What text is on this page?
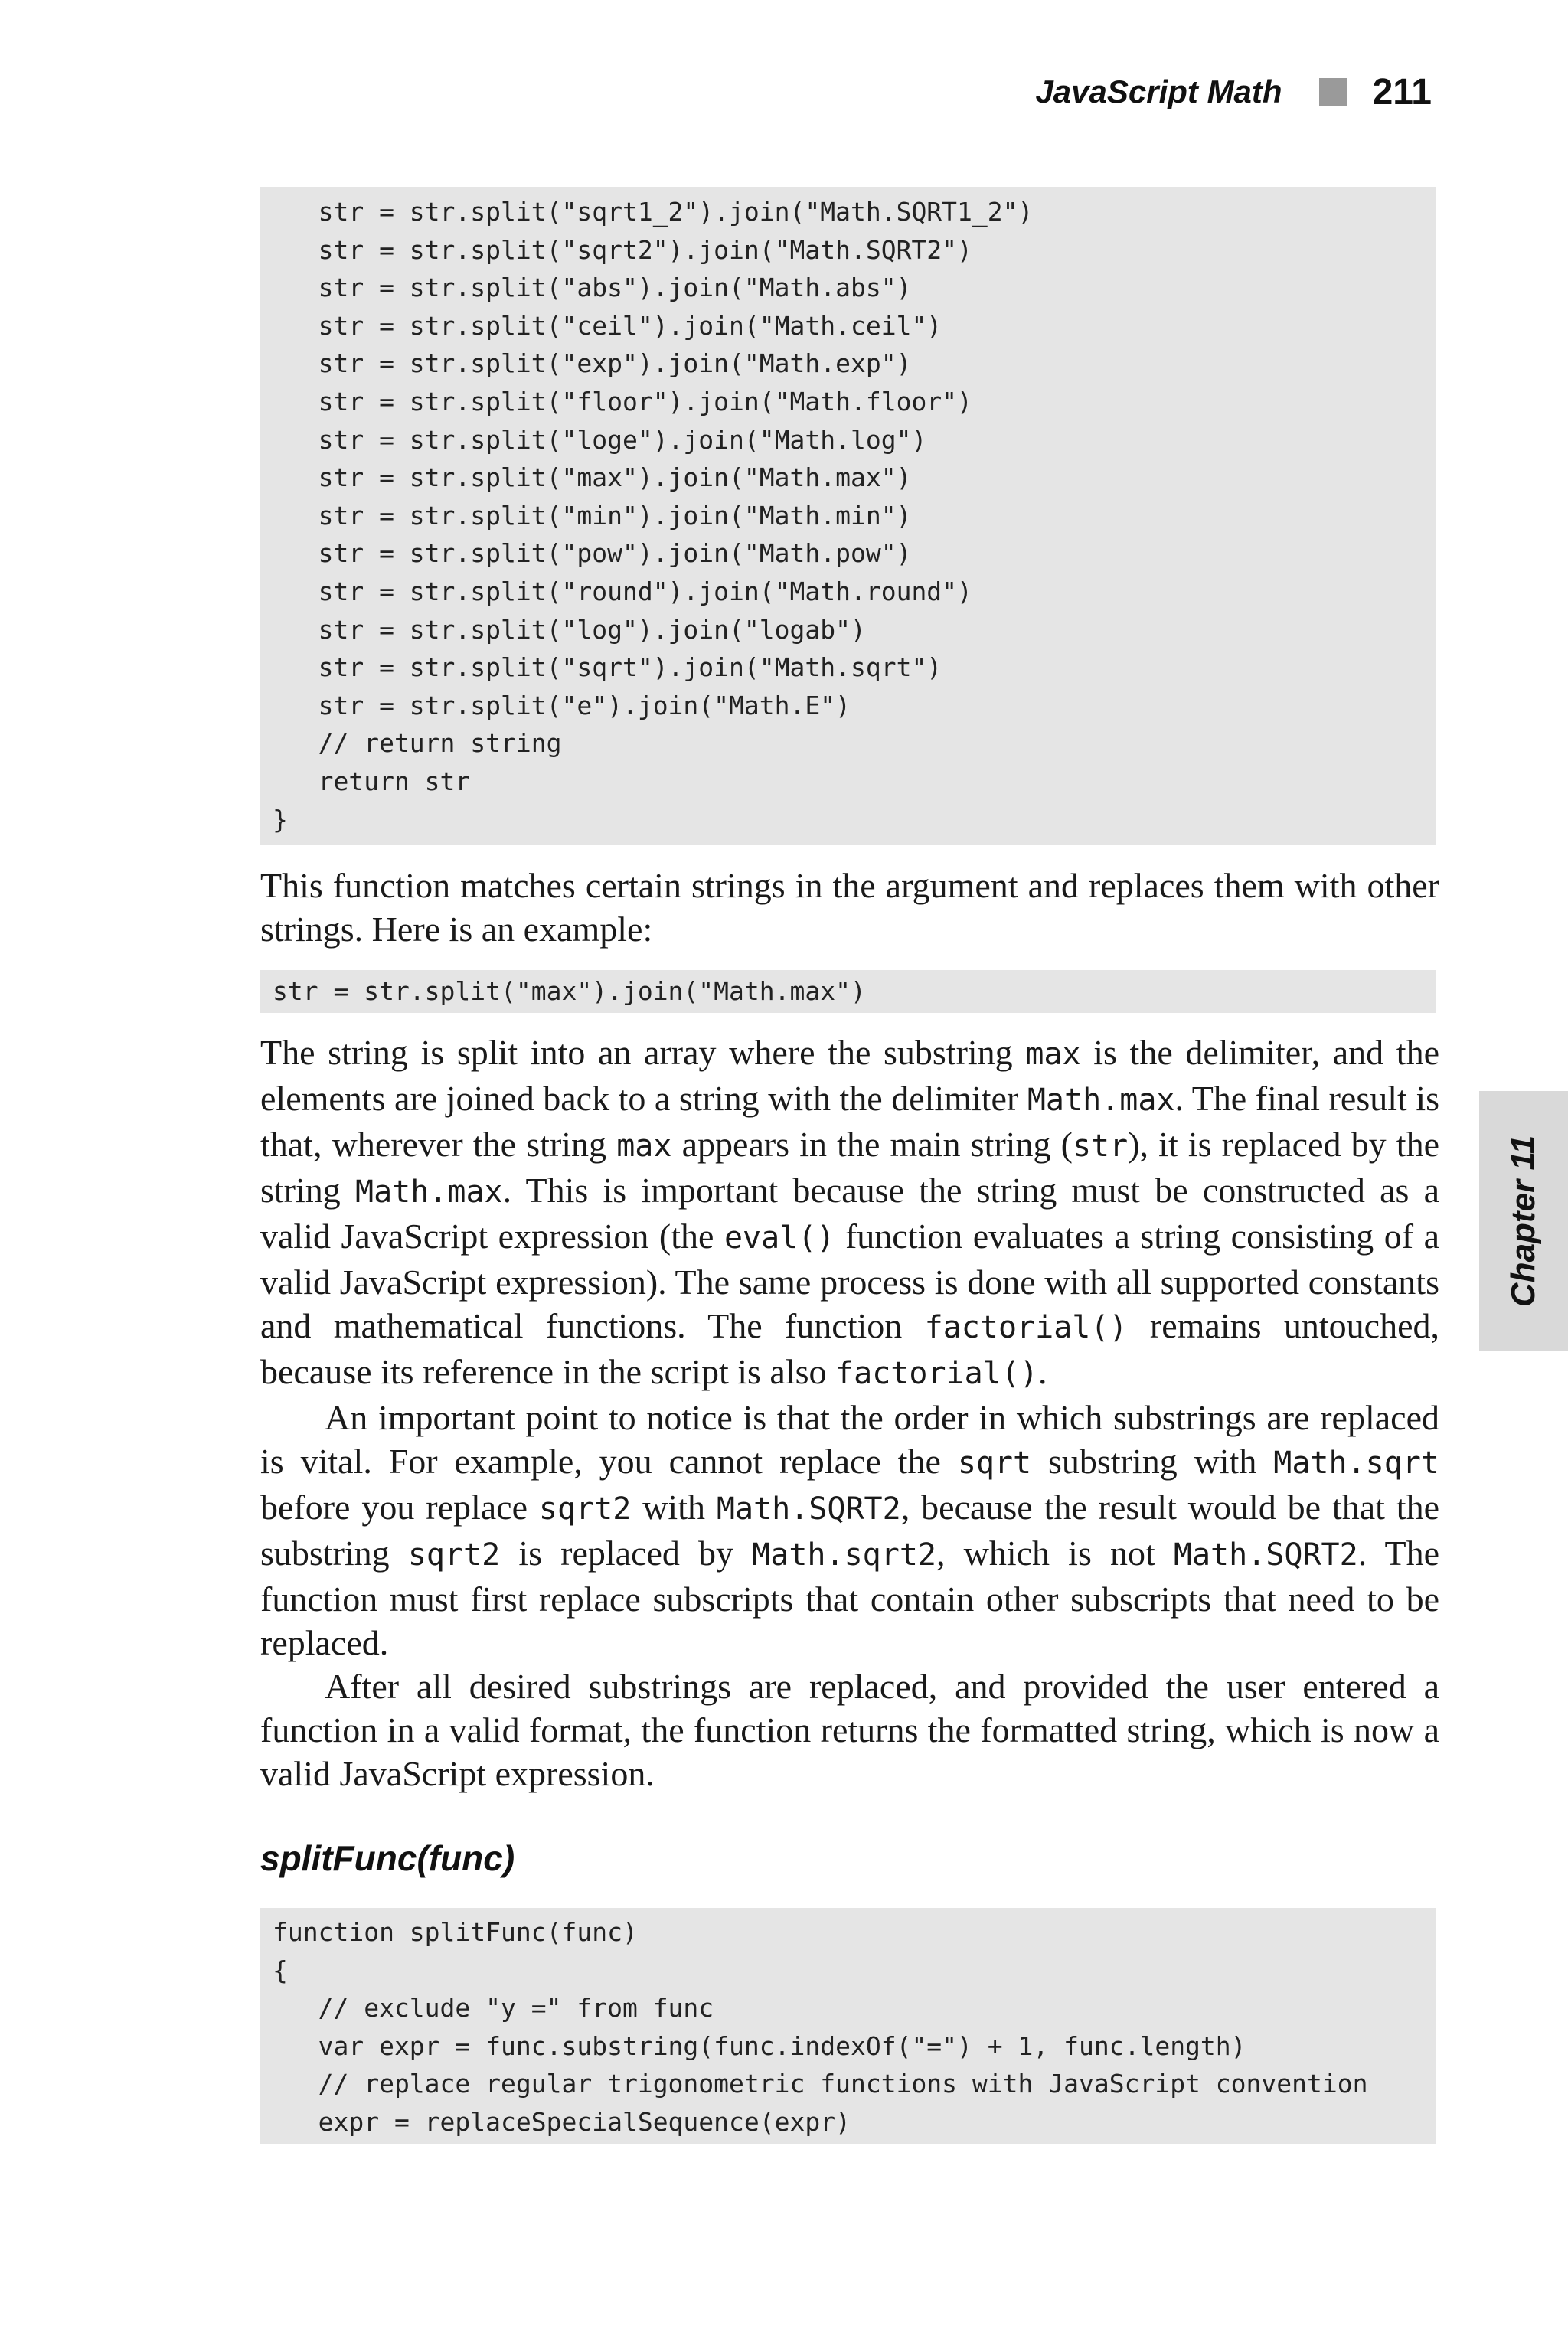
JavaScript Math 211
str = str.split("sqrt1_2").join("Math.SQRT1_2")
str = str.split("sqrt2").join("Math.SQRT2")
str = str.split("abs").join("Math.abs")
str = str.split("ceil").join("Math.ceil")
str = str.split("exp").join("Math.exp")
str = str.split("floor").join("Math.floor")
str = str.split("loge").join("Math.log")
str = str.split("max").join("Math.max")
str = str.split("min").join("Math.min")
str = str.split("pow").join("Math.pow")
str = str.split("round").join("Math.round")
str = str.split("log").join("logab")
str = str.split("sqrt").join("Math.sqrt")
str = str.split("e").join("Math.E")
// return string
return str
}

This function matches certain strings in the argument and replaces them with other strings. Here is an example:

str = str.split("max").join("Math.max")

The string is split into an array where the substring max is the delimiter, and the elements are joined back to a string with the delimiter Math.max. The final result is that, wherever the string max appears in the main string (str), it is replaced by the string Math.max. This is important because the string must be constructed as a valid JavaScript expression (the eval() function evaluates a string consisting of a valid JavaScript expression). The same process is done with all supported constants and mathematical functions. The function factorial() remains untouched, because its reference in the script is also factorial().

An important point to notice is that the order in which substrings are replaced is vital. For example, you cannot replace the sqrt substring with Math.sqrt before you replace sqrt2 with Math.SQRT2, because the result would be that the substring sqrt2 is replaced by Math.sqrt2, which is not Math.SQRT2. The function must first replace subscripts that contain other subscripts that need to be replaced.

After all desired substrings are replaced, and provided the user entered a function in a valid format, the function returns the formatted string, which is now a valid JavaScript expression.

splitFunc(func)
function splitFunc(func)
{
// exclude "y =" from func
var expr = func.substring(func.indexOf("=") + 1, func.length)
// replace regular trigonometric functions with JavaScript convention
expr = replaceSpecialSequence(expr)
Chapter 11
